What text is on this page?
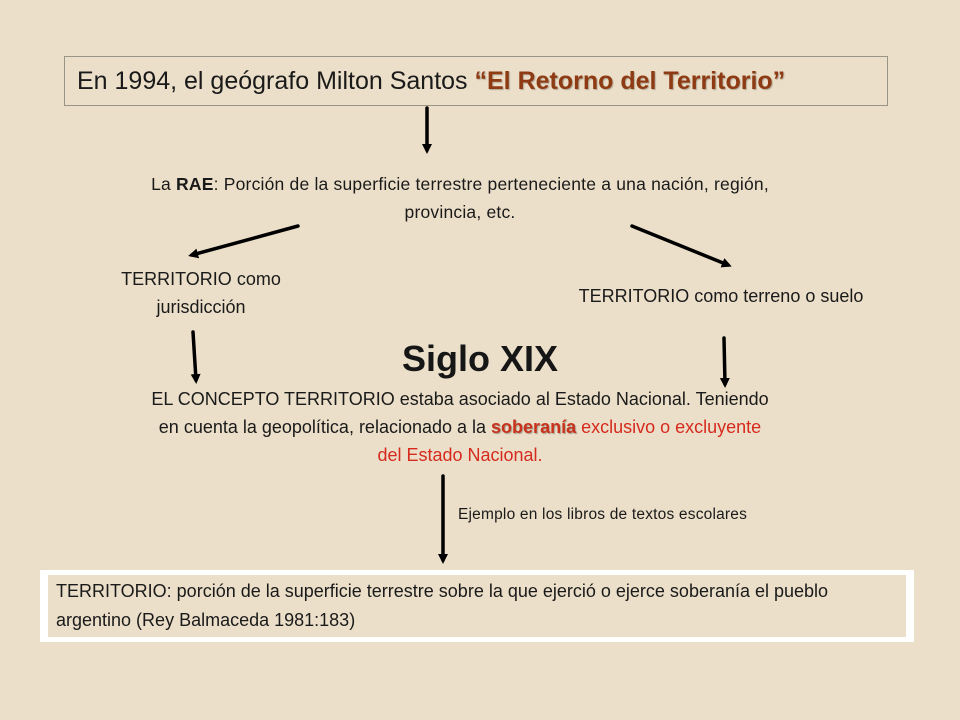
En 1994, el geógrafo Milton Santos “El Retorno del Territorio”
La RAE: Porción de la superficie terrestre perteneciente a una nación, región, provincia, etc.
TERRITORIO como jurisdicción
TERRITORIO como terreno o suelo
Siglo XIX
EL CONCEPTO TERRITORIO estaba asociado al Estado Nacional. Teniendo en cuenta la geopolítica, relacionado a la soberanía exclusivo o excluyente del Estado Nacional.
Ejemplo en los libros de textos escolares
TERRITORIO: porción de la superficie terrestre sobre la que ejerció o ejerce soberanía el pueblo argentino (Rey Balmaceda 1981:183)
